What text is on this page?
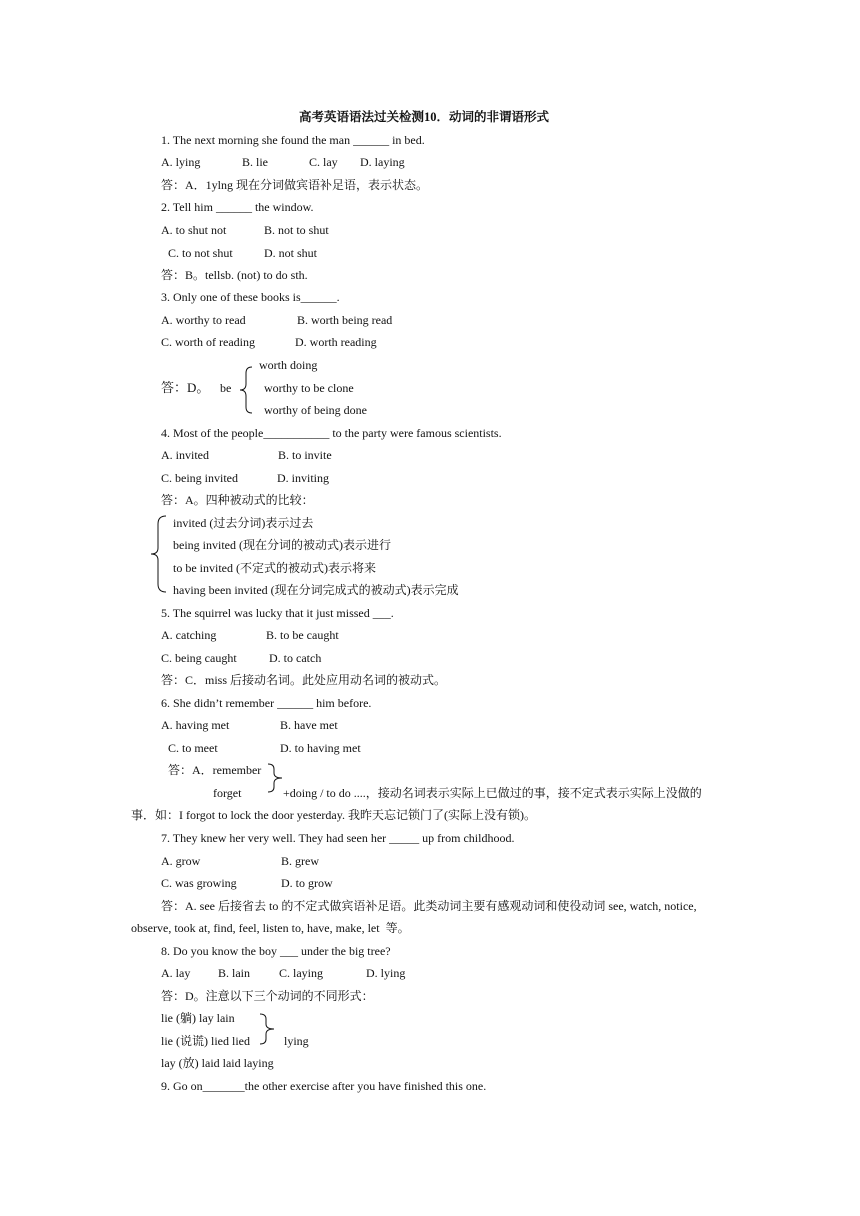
高考英语语法过关检测10．动词的非谓语形式
1. The next morning she found the man ______ in bed.
A. lying	B. lie	C. lay D. laying
答：A．1ylng 现在分词做宾语补足语，表示状态。
2. Tell him ______ the window.
A. to shut not	B. not to shut
C. to not shut	D. not shut
答：B。tellsb. (not) to do sth.
3. Only one of these books is______.
A. worthy to read	B. worth being read
C. worth of reading	D. worth reading
worth doing
答：D。 be	worthy to be clone
worthy of being done
4. Most of the people___________ to the party were famous scientists.
A. invited	B. to invite
C. being invited	D. inviting
答：A。四种被动式的比较：
invited (过去分词)表示过去
being invited (现在分词的被动式)表示进行
to be invited (不定式的被动式)表示将来
having been invited (现在分词完成式的被动式)表示完成
5. The squirrel was lucky that it just missed ___.
A. catching	B. to be caught
C. being caught	D. to catch
答：C．miss 后接动名词。此处应用动名词的被动式。
6. She didn’t remember ______ him before.
A. having met	B. have met
C. to meet	D. to having met
答：A．remember
forget	+doing / to do ....，接动名词表示实际上已做过的事，接不定式表示实际上没做的
事．如：I forgot to lock the door yesterday. 我昨天忘记锁门了(实际上没有锁)。
7. They knew her very well. They had seen her _____ up from childhood.
A. grow	B. grew
C. was growing	D. to grow
答：A. see 后接省去 to 的不定式做宾语补足语。此类动词主要有感观动词和使役动词 see, watch, notice,
observe, took at, find, feel, listen to, have, make, let  等。
8. Do you know the boy ___ under the big tree?
A. lay B. lain C. laying	D. lying
答：D。注意以下三个动词的不同形式：
lie (躺) lay lain
lie (说谎) lied lied	lying
lay (放) laid laid laying
9. Go on_______the other exercise after you have finished this one.
